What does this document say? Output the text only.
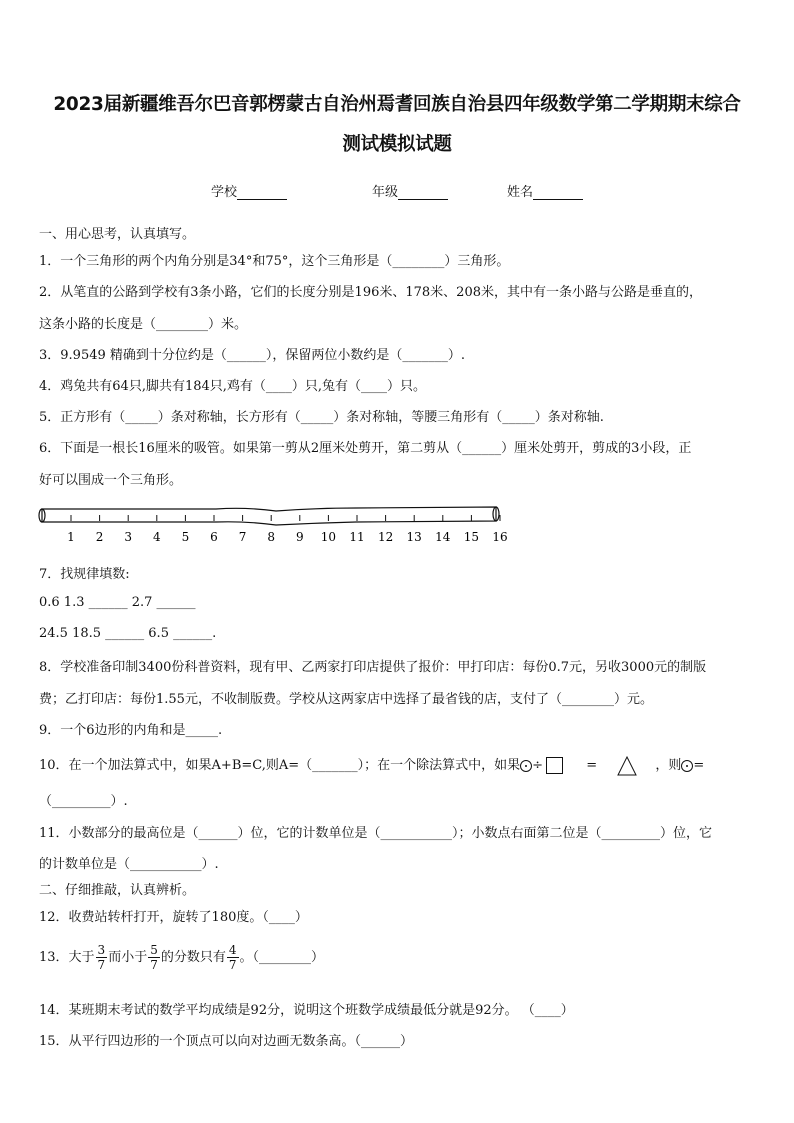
2023届新疆维吾尔巴音郭楞蒙古自治州焉耆回族自治县四年级数学第二学期期末综合
测试模拟试题
学校	年级	姓名
一、用心思考，认真填写。
1．一个三角形的两个内角分别是34°和75°，这个三角形是（________）三角形。
2．从笔直的公路到学校有3条小路，它们的长度分别是196米、178米、208米，其中有一条小路与公路是垂直的，
这条小路的长度是（________）米。
3．9.9549 精确到十分位约是（______），保留两位小数约是（_______）.
4．鸡兔共有64只,脚共有184只,鸡有（____）只,兔有（____）只。
5．正方形有（_____）条对称轴，长方形有（_____）条对称轴，等腰三角形有（_____）条对称轴.
6．下面是一根长16厘米的吸管。如果第一剪从2厘米处剪开，第二剪从（______）厘米处剪开，剪成的3小段，正
好可以围成一个三角形。
1 2 3 4 5 6 7 8 9 10 11 12 13 14 15 16
7．找规律填数:
0.6 1.3 ______ 2.7 ______
24.5 18.5 ______ 6.5 ______.
8．学校准备印制3400份科普资料，现有甲、乙两家打印店提供了报价：甲打印店：每份0.7元，另收3000元的制版
费；乙打印店：每份1.55元，不收制版费。学校从这两家店中选择了最省钱的店，支付了（________）元。
9．一个6边形的内角和是_____.
10．在一个加法算式中，如果A+B=C,则A=（_______）；在一个除法算式中，如果 ÷	=	，则 =
（_________）.
11．小数部分的最高位是（______）位，它的计数单位是（___________）；小数点右面第二位是（_________）位，它
的计数单位是（___________）.
二、仔细推敲，认真辨析。
12．收费站转杆打开，旋转了180度。（____）
13．大于 $\frac{3}{7}$ 而小于 $\frac{5}{7}$ 的分数只有 $\frac{4}{7}$ 。（________）
14．某班期末考试的数学平均成绩是92分，说明这个班数学成绩最低分就是92分。 （____）
15．从平行四边形的一个顶点可以向对边画无数条高。（______）
